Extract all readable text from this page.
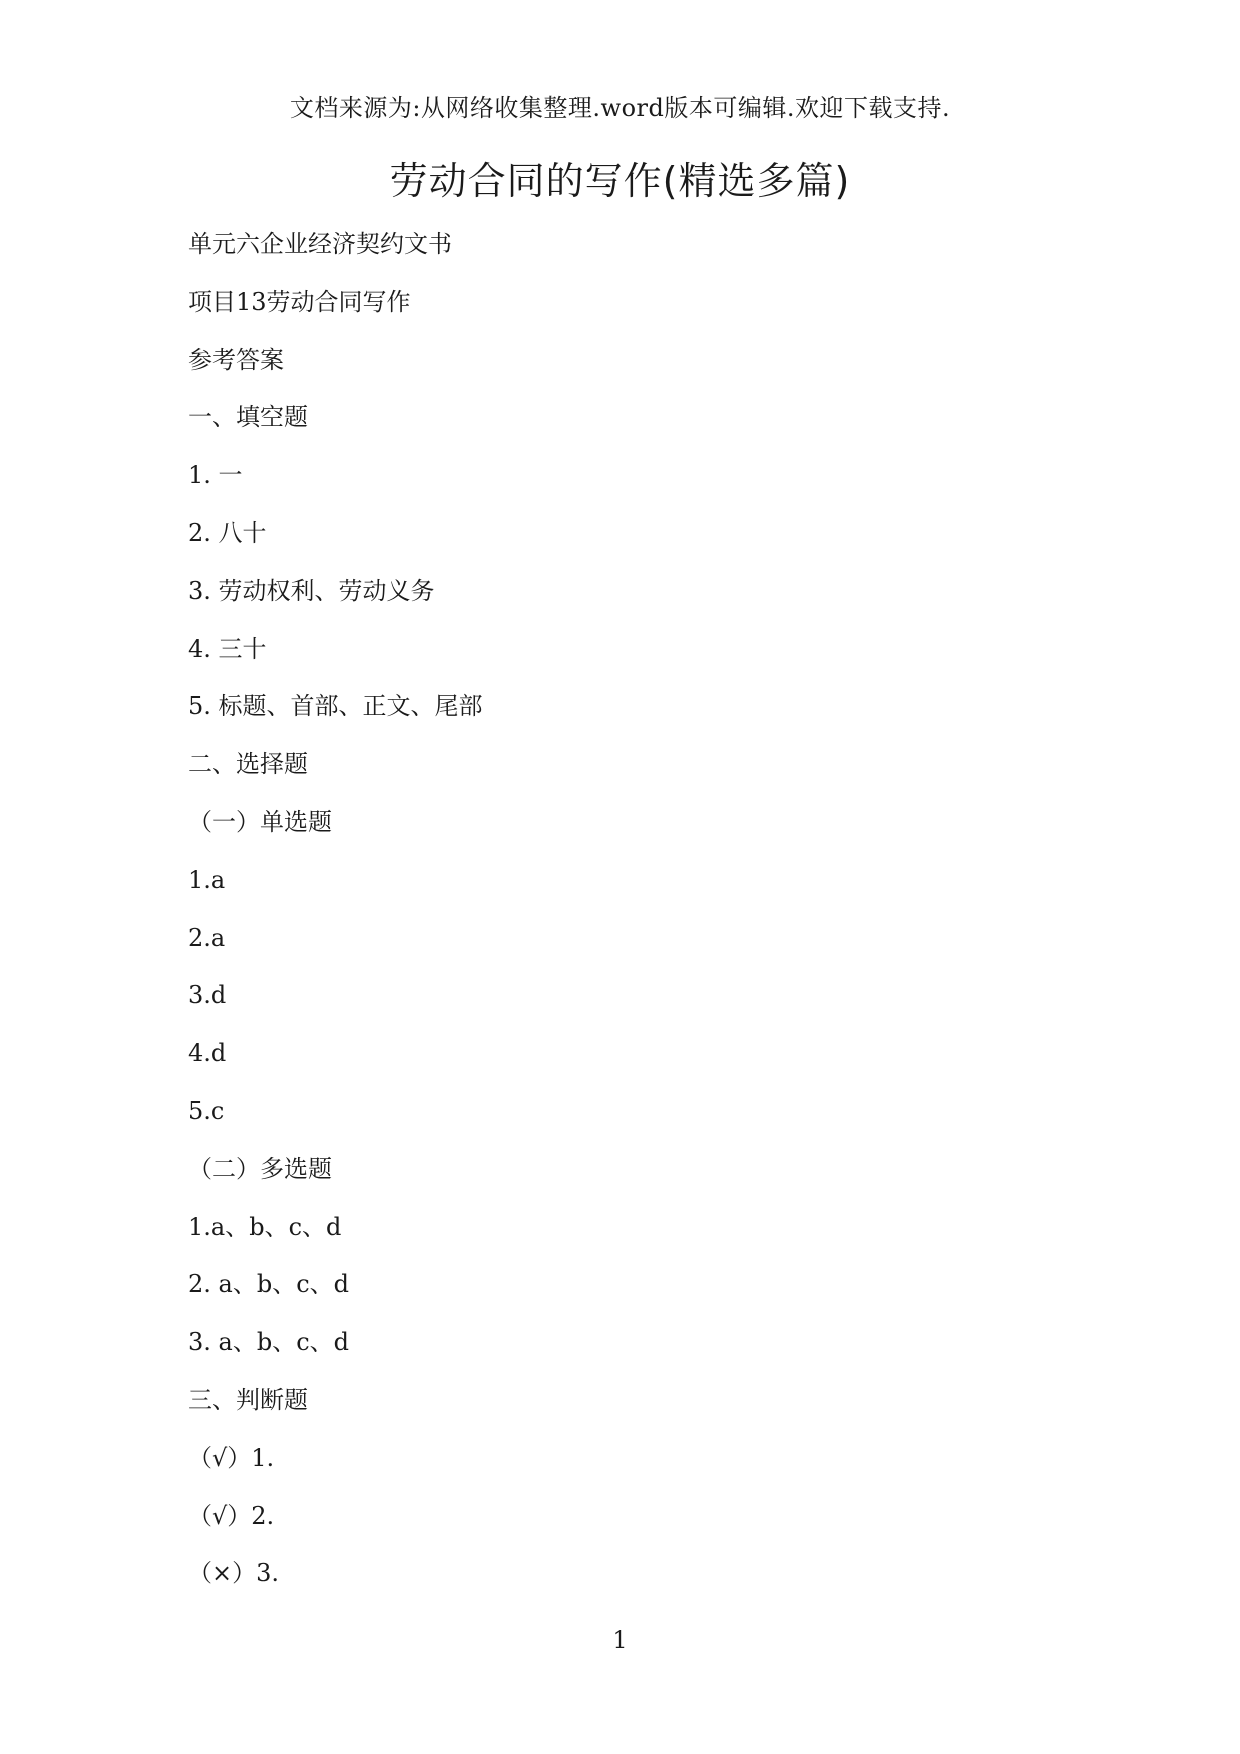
文档来源为:从网络收集整理.word版本可编辑.欢迎下载支持.
劳动合同的写作(精选多篇)
单元六企业经济契约文书
项目13劳动合同写作
参考答案
一、填空题
1. 一
2. 八十
3. 劳动权利、劳动义务
4. 三十
5. 标题、首部、正文、尾部
二、选择题
（一）单选题
1.a
2.a
3.d
4.d
5.c
（二）多选题
1.a、b、c、d
2. a、b、c、d
3. a、b、c、d
三、判断题
（√）1.
（√）2.
（×）3.
1
